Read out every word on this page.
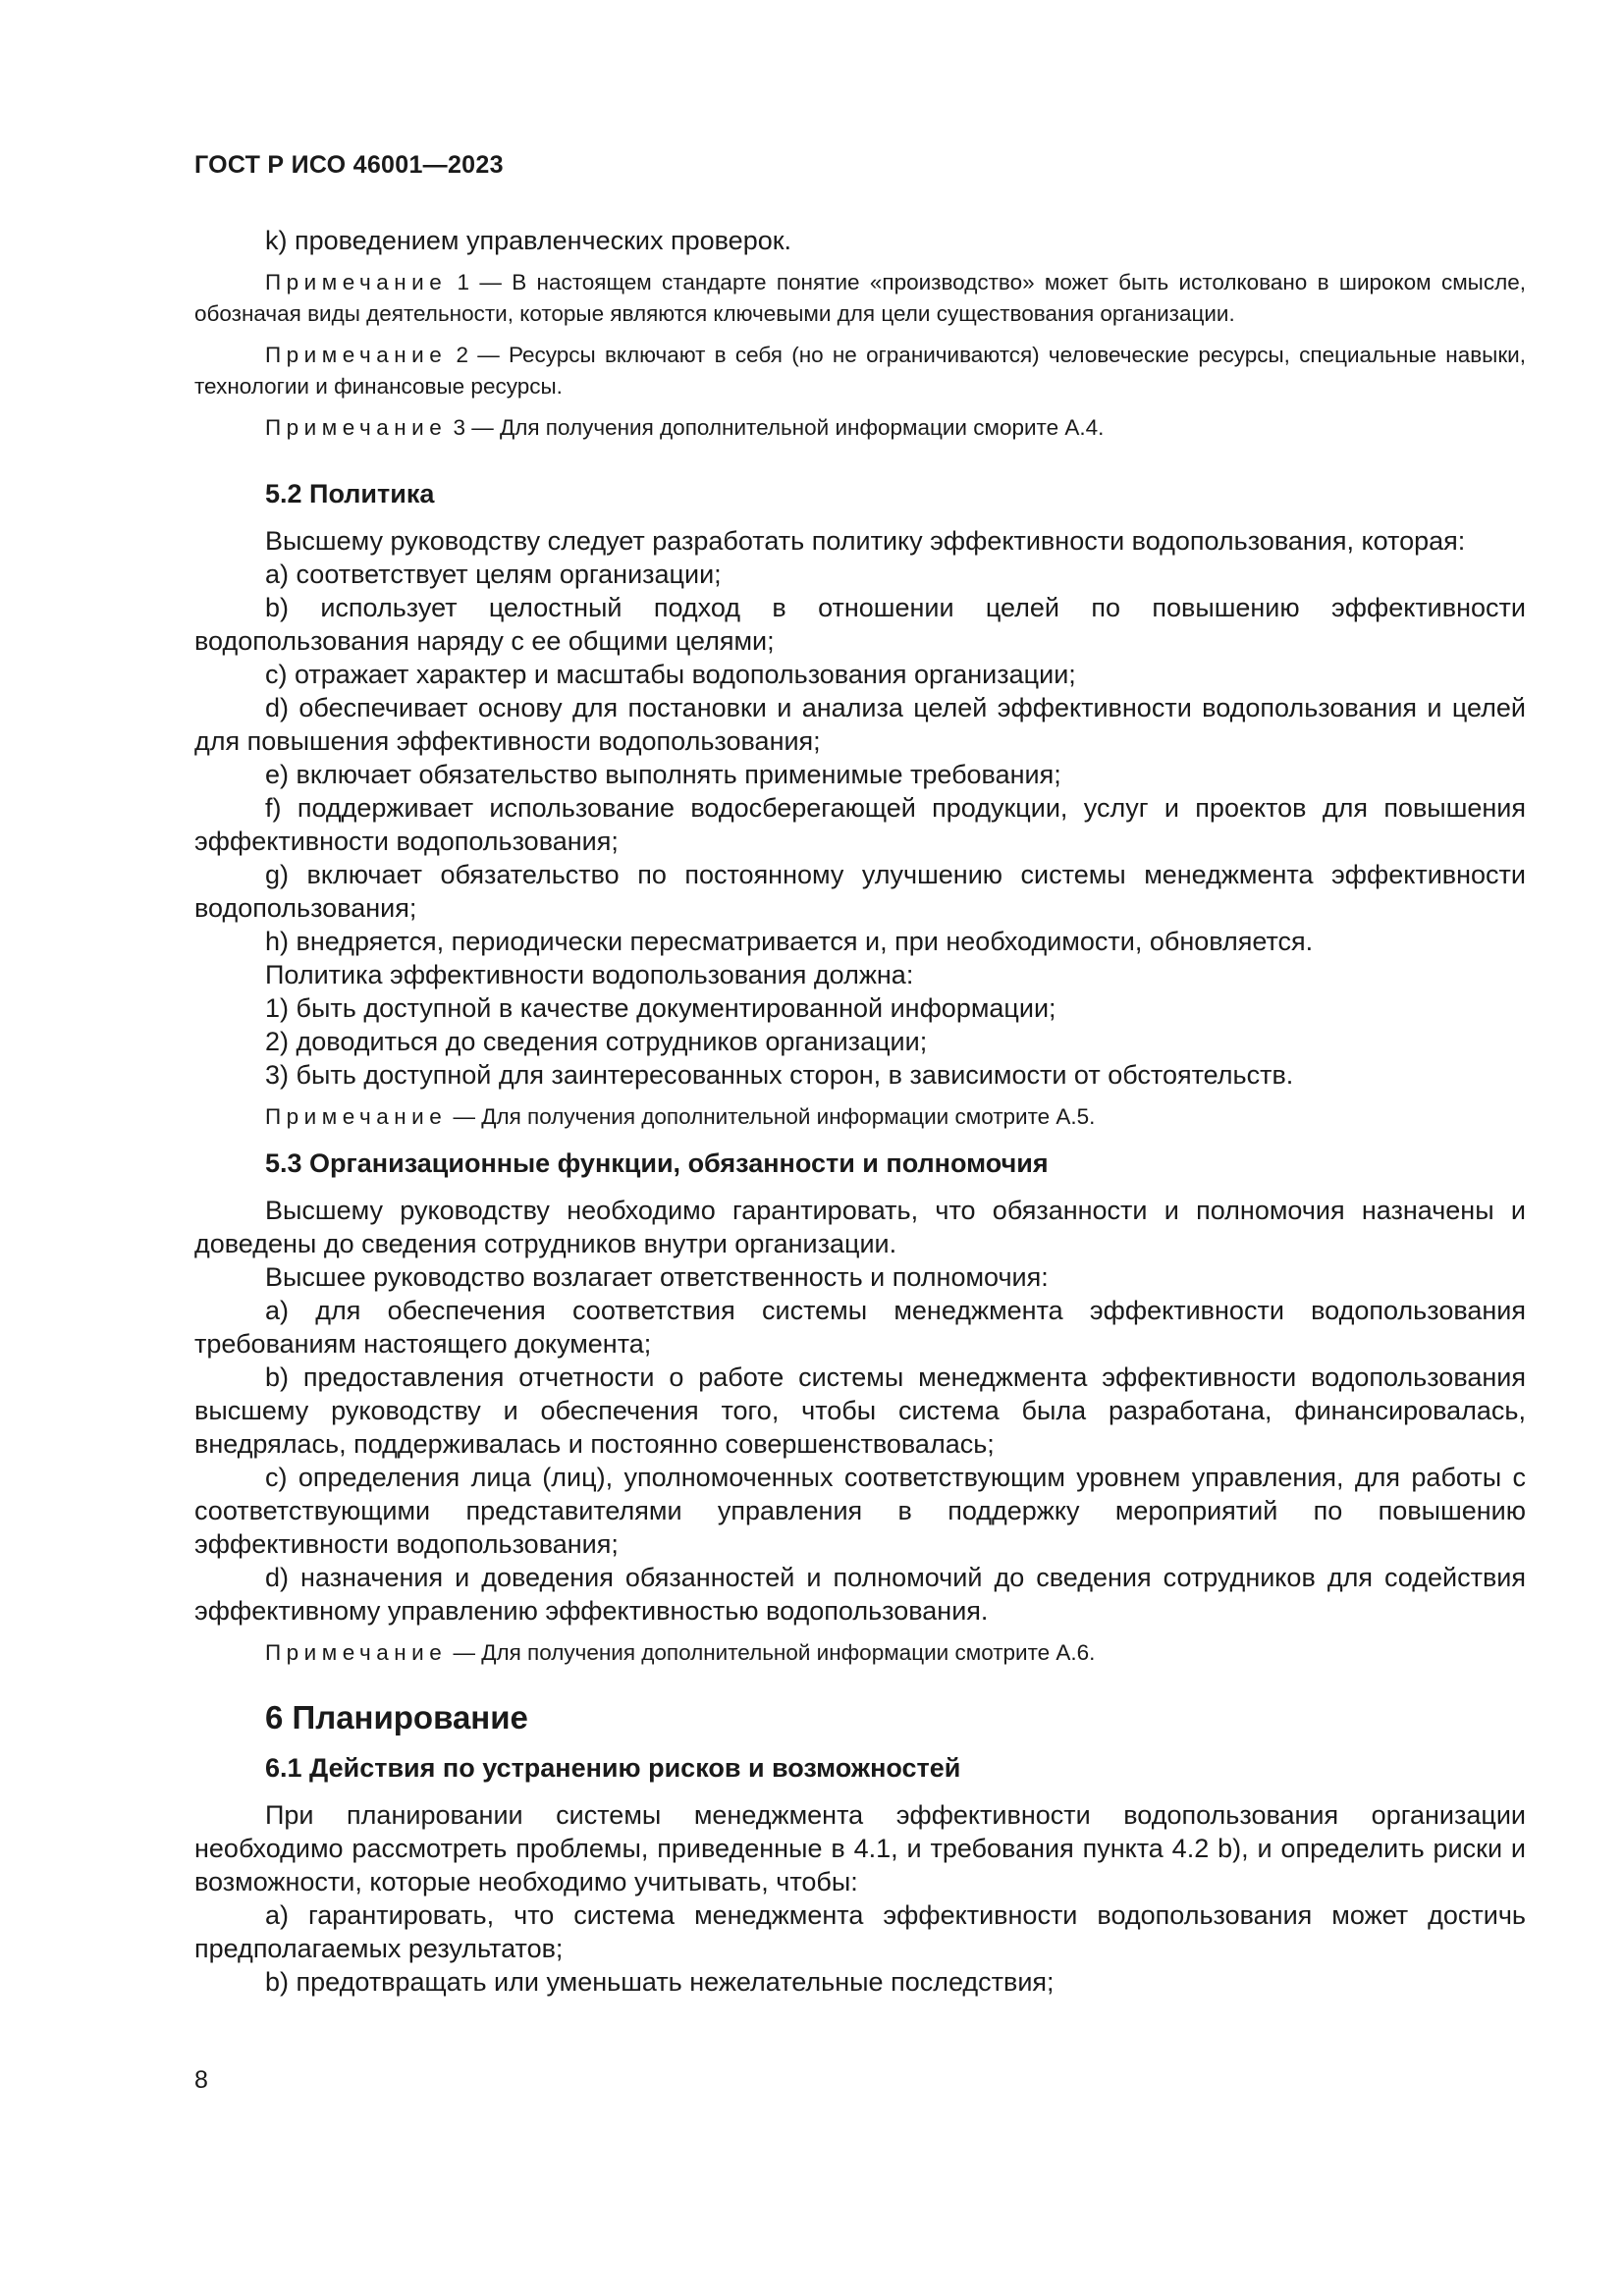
ГОСТ Р ИСО 46001—2023

k) проведением управленческих проверок.

Примечание 1 — В настоящем стандарте понятие «производство» может быть истолковано в широком смысле, обозначая виды деятельности, которые являются ключевыми для цели существования организации.

Примечание 2 — Ресурсы включают в себя (но не ограничиваются) человеческие ресурсы, специальные навыки, технологии и финансовые ресурсы.

Примечание 3 — Для получения дополнительной информации сморите А.4.

5.2 Политика

Высшему руководству следует разработать политику эффективности водопользования, которая:

a) соответствует целям организации;

b) использует целостный подход в отношении целей по повышению эффективности водопользования наряду с ее общими целями;

c) отражает характер и масштабы водопользования организации;

d) обеспечивает основу для постановки и анализа целей эффективности водопользования и целей для повышения эффективности водопользования;

e) включает обязательство выполнять применимые требования;

f) поддерживает использование водосберегающей продукции, услуг и проектов для повышения эффективности водопользования;

g) включает обязательство по постоянному улучшению системы менеджмента эффективности водопользования;

h) внедряется, периодически пересматривается и, при необходимости, обновляется.

Политика эффективности водопользования должна:

1) быть доступной в качестве документированной информации;

2) доводиться до сведения сотрудников организации;

3) быть доступной для заинтересованных сторон, в зависимости от обстоятельств.

Примечание — Для получения дополнительной информации смотрите А.5.

5.3 Организационные функции, обязанности и полномочия

Высшему руководству необходимо гарантировать, что обязанности и полномочия назначены и доведены до сведения сотрудников внутри организации.

Высшее руководство возлагает ответственность и полномочия:

a) для обеспечения соответствия системы менеджмента эффективности водопользования требованиям настоящего документа;

b) предоставления отчетности о работе системы менеджмента эффективности водопользования высшему руководству и обеспечения того, чтобы система была разработана, финансировалась, внедрялась, поддерживалась и постоянно совершенствовалась;

c) определения лица (лиц), уполномоченных соответствующим уровнем управления, для работы с соответствующими представителями управления в поддержку мероприятий по повышению эффективности водопользования;

d) назначения и доведения обязанностей и полномочий до сведения сотрудников для содействия эффективному управлению эффективностью водопользования.

Примечание — Для получения дополнительной информации смотрите А.6.

6 Планирование
6.1 Действия по устранению рисков и возможностей

При планировании системы менеджмента эффективности водопользования организации необходимо рассмотреть проблемы, приведенные в 4.1, и требования пункта 4.2 b), и определить риски и возможности, которые необходимо учитывать, чтобы:

a) гарантировать, что система менеджмента эффективности водопользования может достичь предполагаемых результатов;

b) предотвращать или уменьшать нежелательные последствия;

8
